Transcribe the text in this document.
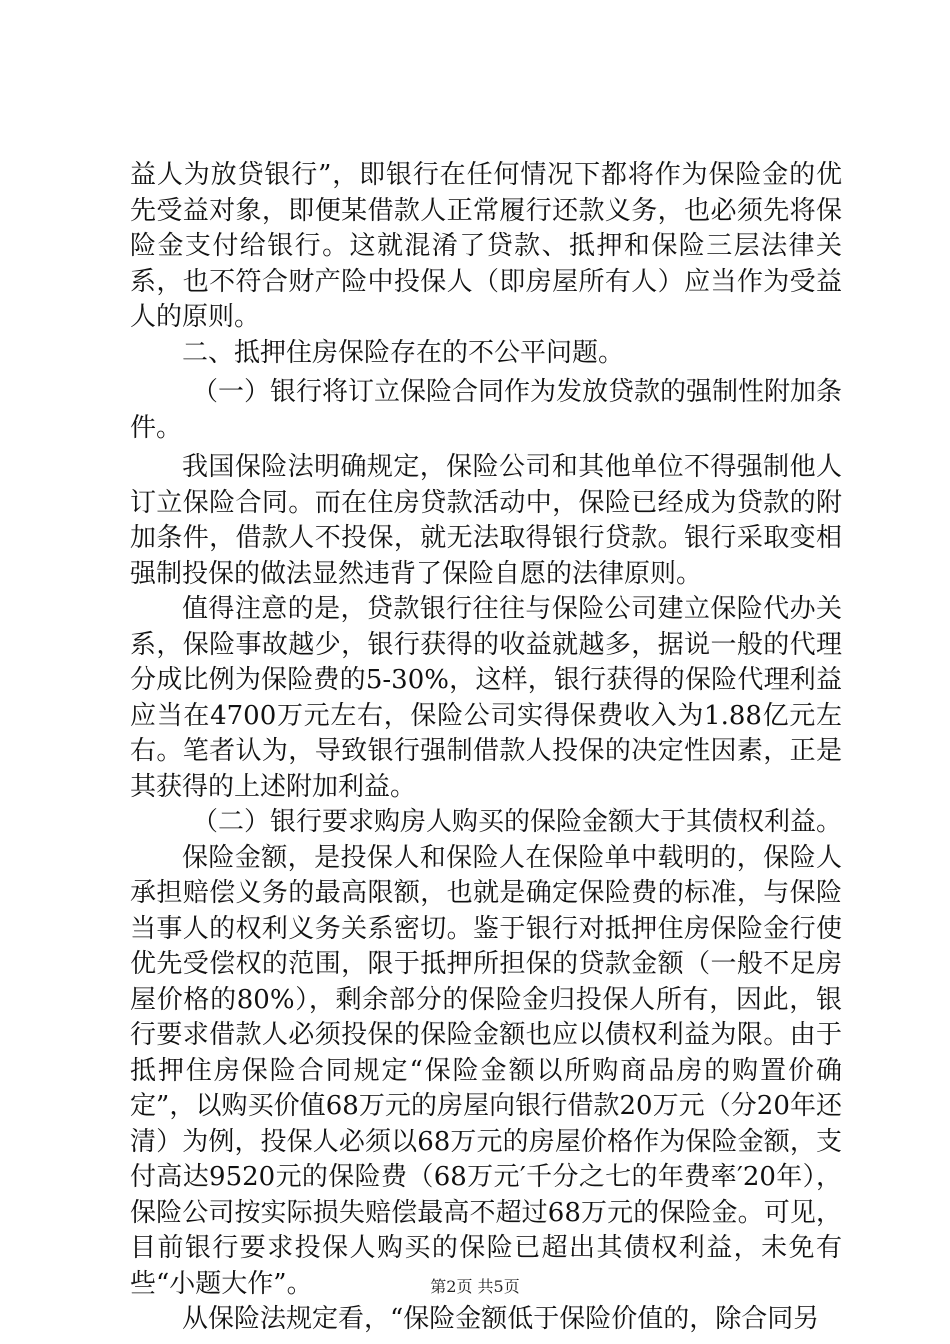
益人为放贷银行”，即银行在任何情况下都将作为保险金的优先受益对象，即便某借款人正常履行还款义务，也必须先将保险金支付给银行。这就混淆了贷款、抵押和保险三层法律关系，也不符合财产险中投保人（即房屋所有人）应当作为受益人的原则。

二、抵押住房保险存在的不公平问题。

（一）银行将订立保险合同作为发放贷款的强制性附加条件。

我国保险法明确规定，保险公司和其他单位不得强制他人订立保险合同。而在住房贷款活动中，保险已经成为贷款的附加条件，借款人不投保，就无法取得银行贷款。银行采取变相强制投保的做法显然违背了保险自愿的法律原则。

值得注意的是，贷款银行往往与保险公司建立保险代办关系，保险事故越少，银行获得的收益就越多，据说一般的代理分成比例为保险费的5-30%，这样，银行获得的保险代理利益应当在4700万元左右，保险公司实得保费收入为1.88亿元左右。笔者认为，导致银行强制借款人投保的决定性因素，正是其获得的上述附加利益。

（二）银行要求购房人购买的保险金额大于其债权利益。

保险金额，是投保人和保险人在保险单中载明的，保险人承担赔偿义务的最高限额，也就是确定保险费的标准，与保险当事人的权利义务关系密切。鉴于银行对抵押住房保险金行使优先受偿权的范围，限于抵押所担保的贷款金额（一般不足房屋价格的80%），剩余部分的保险金归投保人所有，因此，银行要求借款人必须投保的保险金额也应以债权利益为限。由于抵押住房保险合同规定“保险金额以所购商品房的购置价确定”，以购买价值68万元的房屋向银行借款20万元（分20年还清）为例，投保人必须以68万元的房屋价格作为保险金额，支付高达9520元的保险费（68万元′千分之七的年费率′20年），保险公司按实际损失赔偿最高不超过68万元的保险金。可见，目前银行要求投保人购买的保险已超出其债权利益，未免有些“小题大作”。

从保险法规定看，“保险金额低于保险价值的，除合同另

第2页 共5页
